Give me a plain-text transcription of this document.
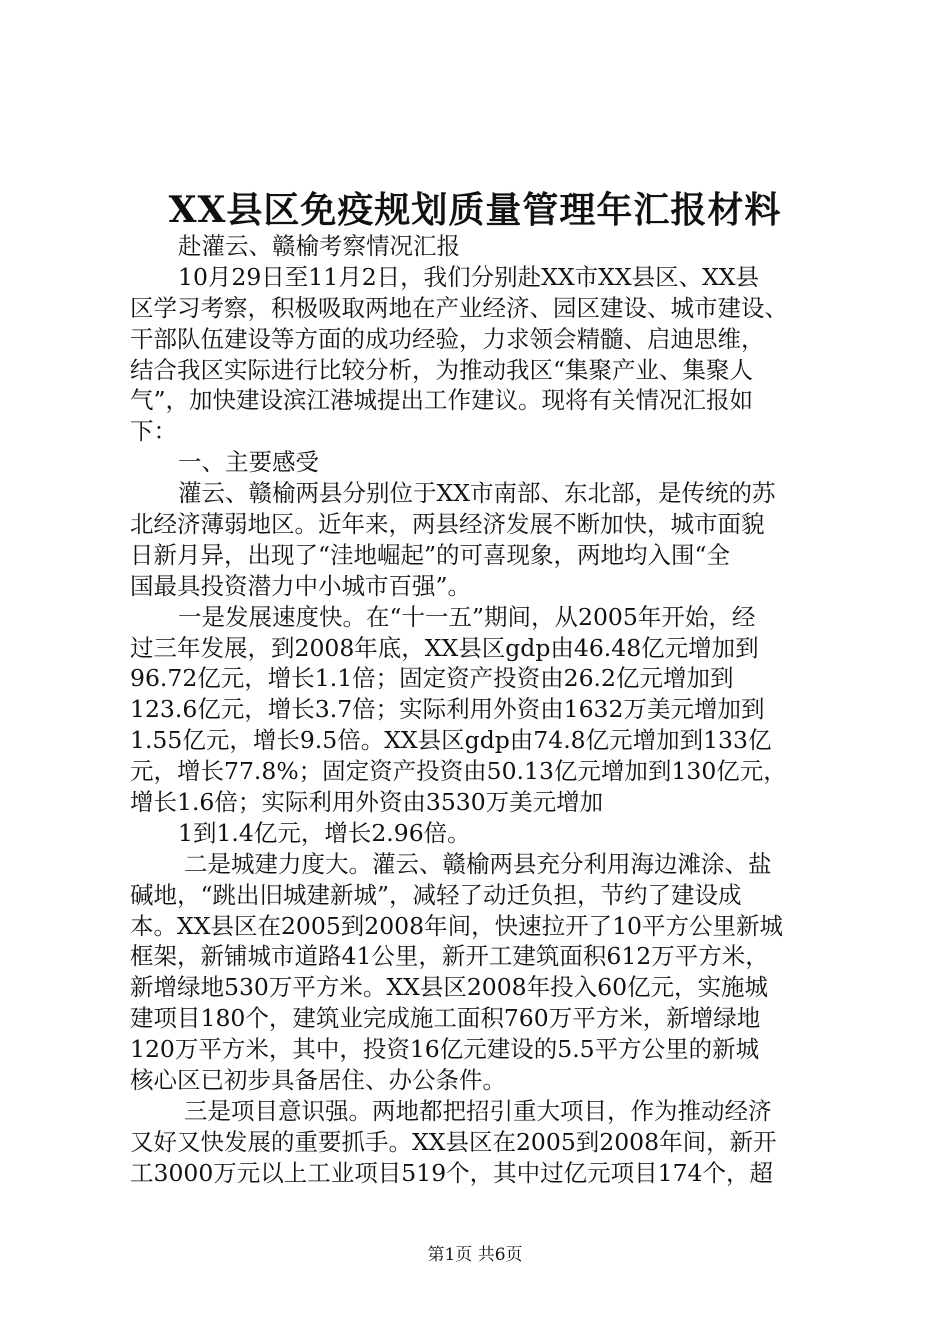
XX县区免疫规划质量管理年汇报材料
赴灌云、赣榆考察情况汇报
10月29日至11月2日，我们分别赴XX市XX县区、XX县
区学习考察，积极吸取两地在产业经济、园区建设、城市建设、
干部队伍建设等方面的成功经验，力求领会精髓、启迪思维，
结合我区实际进行比较分析，为推动我区“集聚产业、集聚人
气”，加快建设滨江港城提出工作建议。现将有关情况汇报如
下：
一、主要感受
灌云、赣榆两县分别位于XX市南部、东北部，是传统的苏
北经济薄弱地区。近年来，两县经济发展不断加快，城市面貌
日新月异，出现了“洼地崛起”的可喜现象，两地均入围“全
国最具投资潜力中小城市百强”。
一是发展速度快。在“十一五”期间，从2005年开始，经
过三年发展，到2008年底，XX县区gdp由46.48亿元增加到
96.72亿元，增长1.1倍；固定资产投资由26.2亿元增加到
123.6亿元，增长3.7倍；实际利用外资由1632万美元增加到
1.55亿元，增长9.5倍。XX县区gdp由74.8亿元增加到133亿
元，增长77.8%；固定资产投资由50.13亿元增加到130亿元，
增长1.6倍；实际利用外资由3530万美元增加
1到1.4亿元，增长2.96倍。
二是城建力度大。灌云、赣榆两县充分利用海边滩涂、盐
碱地，“跳出旧城建新城”，减轻了动迁负担，节约了建设成
本。XX县区在2005到2008年间，快速拉开了10平方公里新城
框架，新铺城市道路41公里，新开工建筑面积612万平方米，
新增绿地530万平方米。XX县区2008年投入60亿元，实施城
建项目180个，建筑业完成施工面积760万平方米，新增绿地
120万平方米，其中，投资16亿元建设的5.5平方公里的新城
核心区已初步具备居住、办公条件。
三是项目意识强。两地都把招引重大项目，作为推动经济
又好又快发展的重要抓手。XX县区在2005到2008年间，新开
工3000万元以上工业项目519个，其中过亿元项目174个，超
第1页 共6页
